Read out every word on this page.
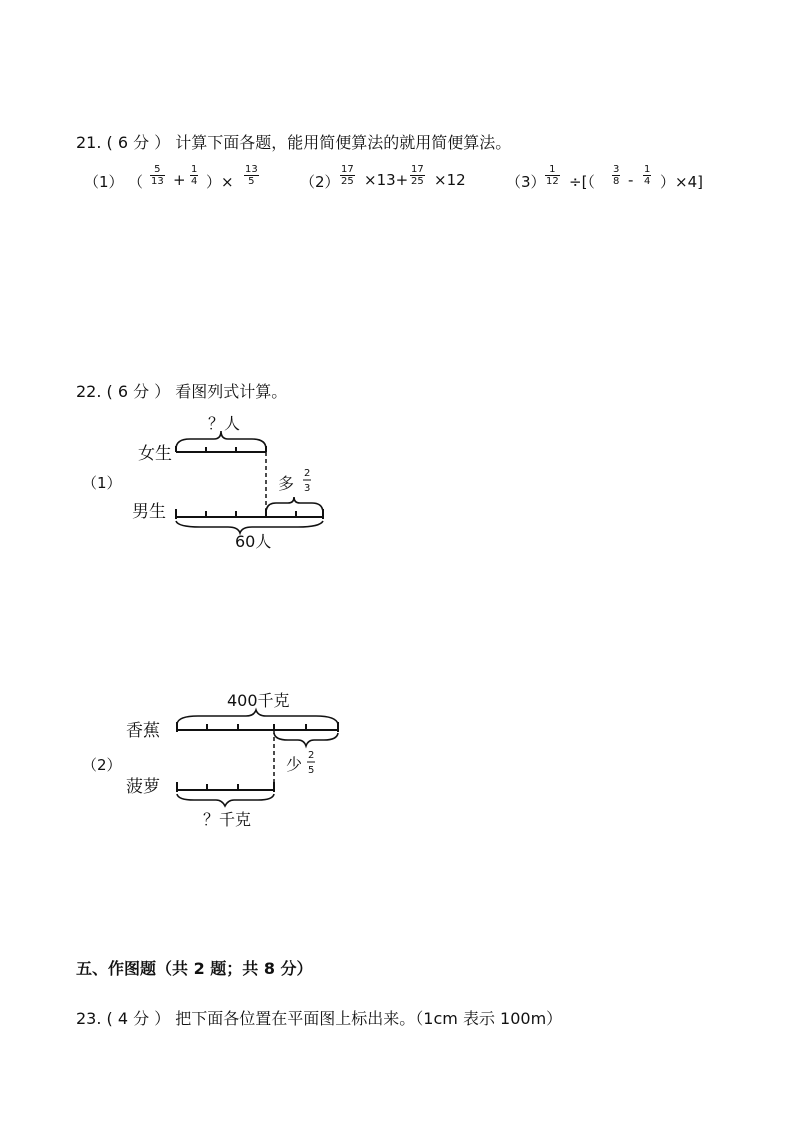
21. ( 6 分 ） 计算下面各题，能用简便算法的就用简便算法。
（1） （
5
13 +
1
4 ）×
13
5	（2）
17
25 ×13+
17
25 ×12	（3）
1
12 ÷[（
3
8 -
1
4 ）×4]
22. ( 6 分 ） 看图列式计算。
（1）
女生
男生
？人
多
2
3
60人
（2）
香蕉
菠萝
400千克
少 2
5
？千克
五、作图题（共 2 题；共 8 分）
23. ( 4 分 ） 把下面各位置在平面图上标出来。（1cm 表示 100m）
